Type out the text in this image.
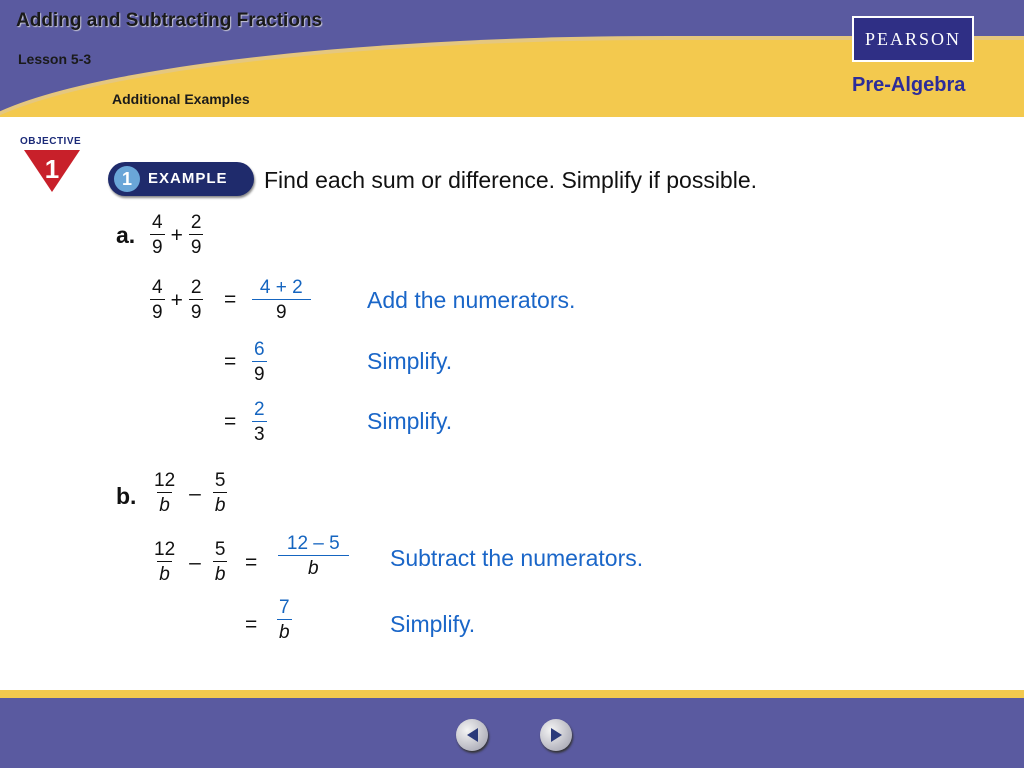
Adding and Subtracting Fractions
Lesson 5-3
Additional Examples
PEARSON
Pre-Algebra
OBJECTIVE
1	1	EXAMPLE Find each sum or difference. Simplify if possible.
a. $\frac{4}{9} + \frac{2}{9}$
$\frac{4}{9} + \frac{2}{9} = \frac{4 + 2}{9}$ Add the numerators.
= $\frac{6}{9}$	Simplify.
= $\frac{2}{3}$	Simplify.
b. $\frac{12}{b} - \frac{5}{b}$
$\frac{12}{b} - \frac{5}{b} = \frac{12 - 5}{b}$ Subtract the numerators.
= $\frac{7}{b}$	Simplify.
